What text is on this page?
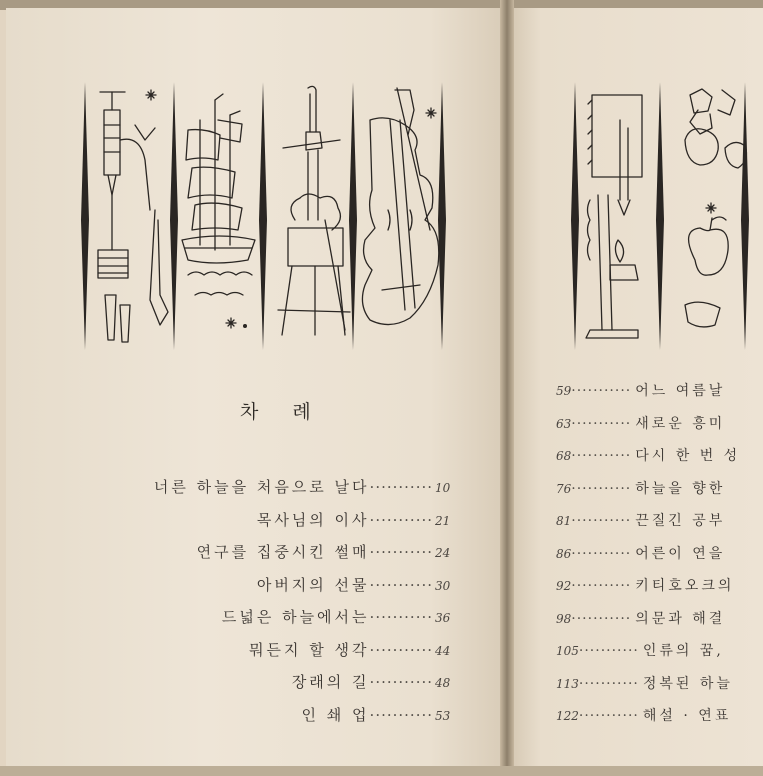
차 례
너른 하늘을 처음으로 날다 ··········· 10
목사님의 이사 ··········· 21
연구를 집중시킨 썰매 ··········· 24
아버지의 선물 ··········· 30
드넓은 하늘에서는 ··········· 36
뭐든지 할 생각 ··········· 44
장래의 길 ··········· 48
인 쇄 업 ··········· 53
59 ··········· 어느 여름날
63 ··········· 새로운 흥미
68 ··········· 다시 한 번 성
76 ··········· 하늘을 향한
81 ··········· 끈질긴 공부
86 ··········· 어른이 연을
92 ··········· 키티호오크의
98 ··········· 의문과 해결
105 ··········· 인류의 꿈,
113 ··········· 정복된 하늘
122 ··········· 해설 · 연표
